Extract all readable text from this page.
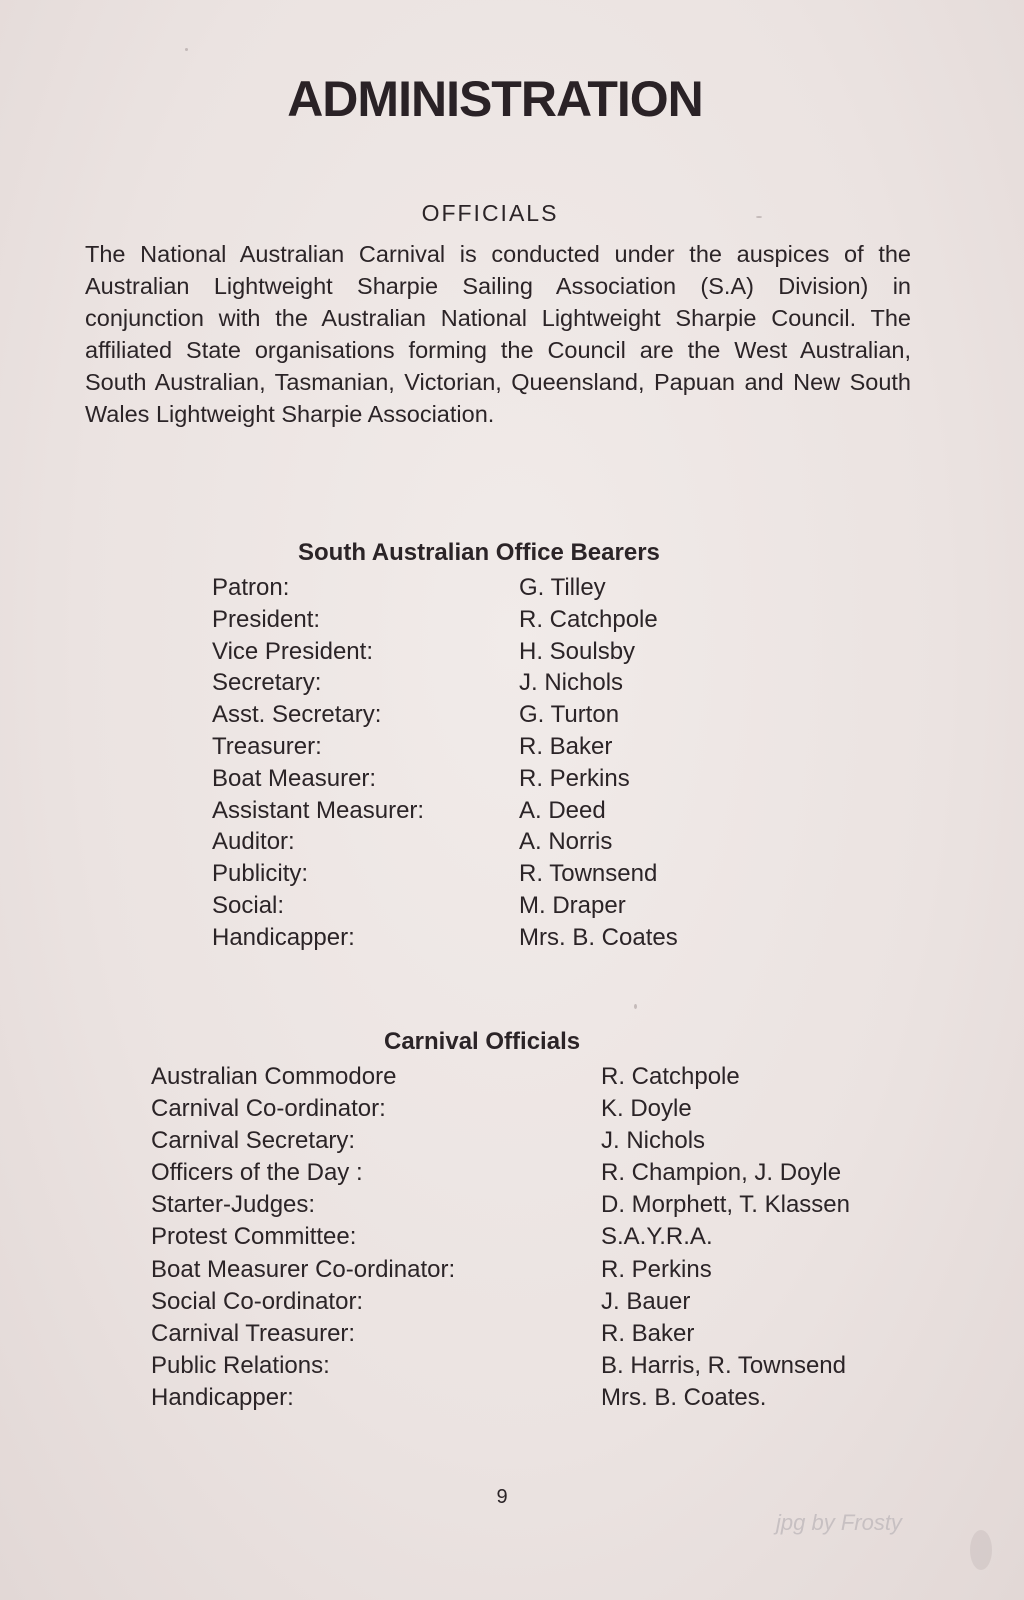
ADMINISTRATION
OFFICIALS

The National Australian Carnival is conducted under the auspices of the Australian Lightweight Sharpie Sailing Association (S.A) Division) in conjunction with the Australian National Lightweight Sharpie Council. The affiliated State organisations forming the Council are the West Australian, South Australian, Tasmanian, Victorian, Queensland, Papuan and New South Wales Lightweight Sharpie Association.

South Australian Office Bearers
Patron:	G. Tilley
President:	R. Catchpole
Vice President:	H. Soulsby
Secretary:	J. Nichols
Asst. Secretary:	G. Turton
Treasurer:	R. Baker
Boat Measurer:	R. Perkins
Assistant Measurer:	A. Deed
Auditor:	A. Norris
Publicity:	R. Townsend
Social:	M. Draper
Handicapper:	Mrs. B. Coates
Carnival Officials
Australian Commodore	R. Catchpole
Carnival Co-ordinator:	K. Doyle
Carnival Secretary:	J. Nichols
Officers of the Day :	R. Champion, J. Doyle
Starter-Judges:	D. Morphett, T. Klassen
Protest Committee:	S.A.Y.R.A.
Boat Measurer Co-ordinator:	R. Perkins
Social Co-ordinator:	J. Bauer
Carnival Treasurer:	R. Baker
Public Relations:	B. Harris, R. Townsend
Handicapper:	Mrs. B. Coates.
9
jpg by Frosty
